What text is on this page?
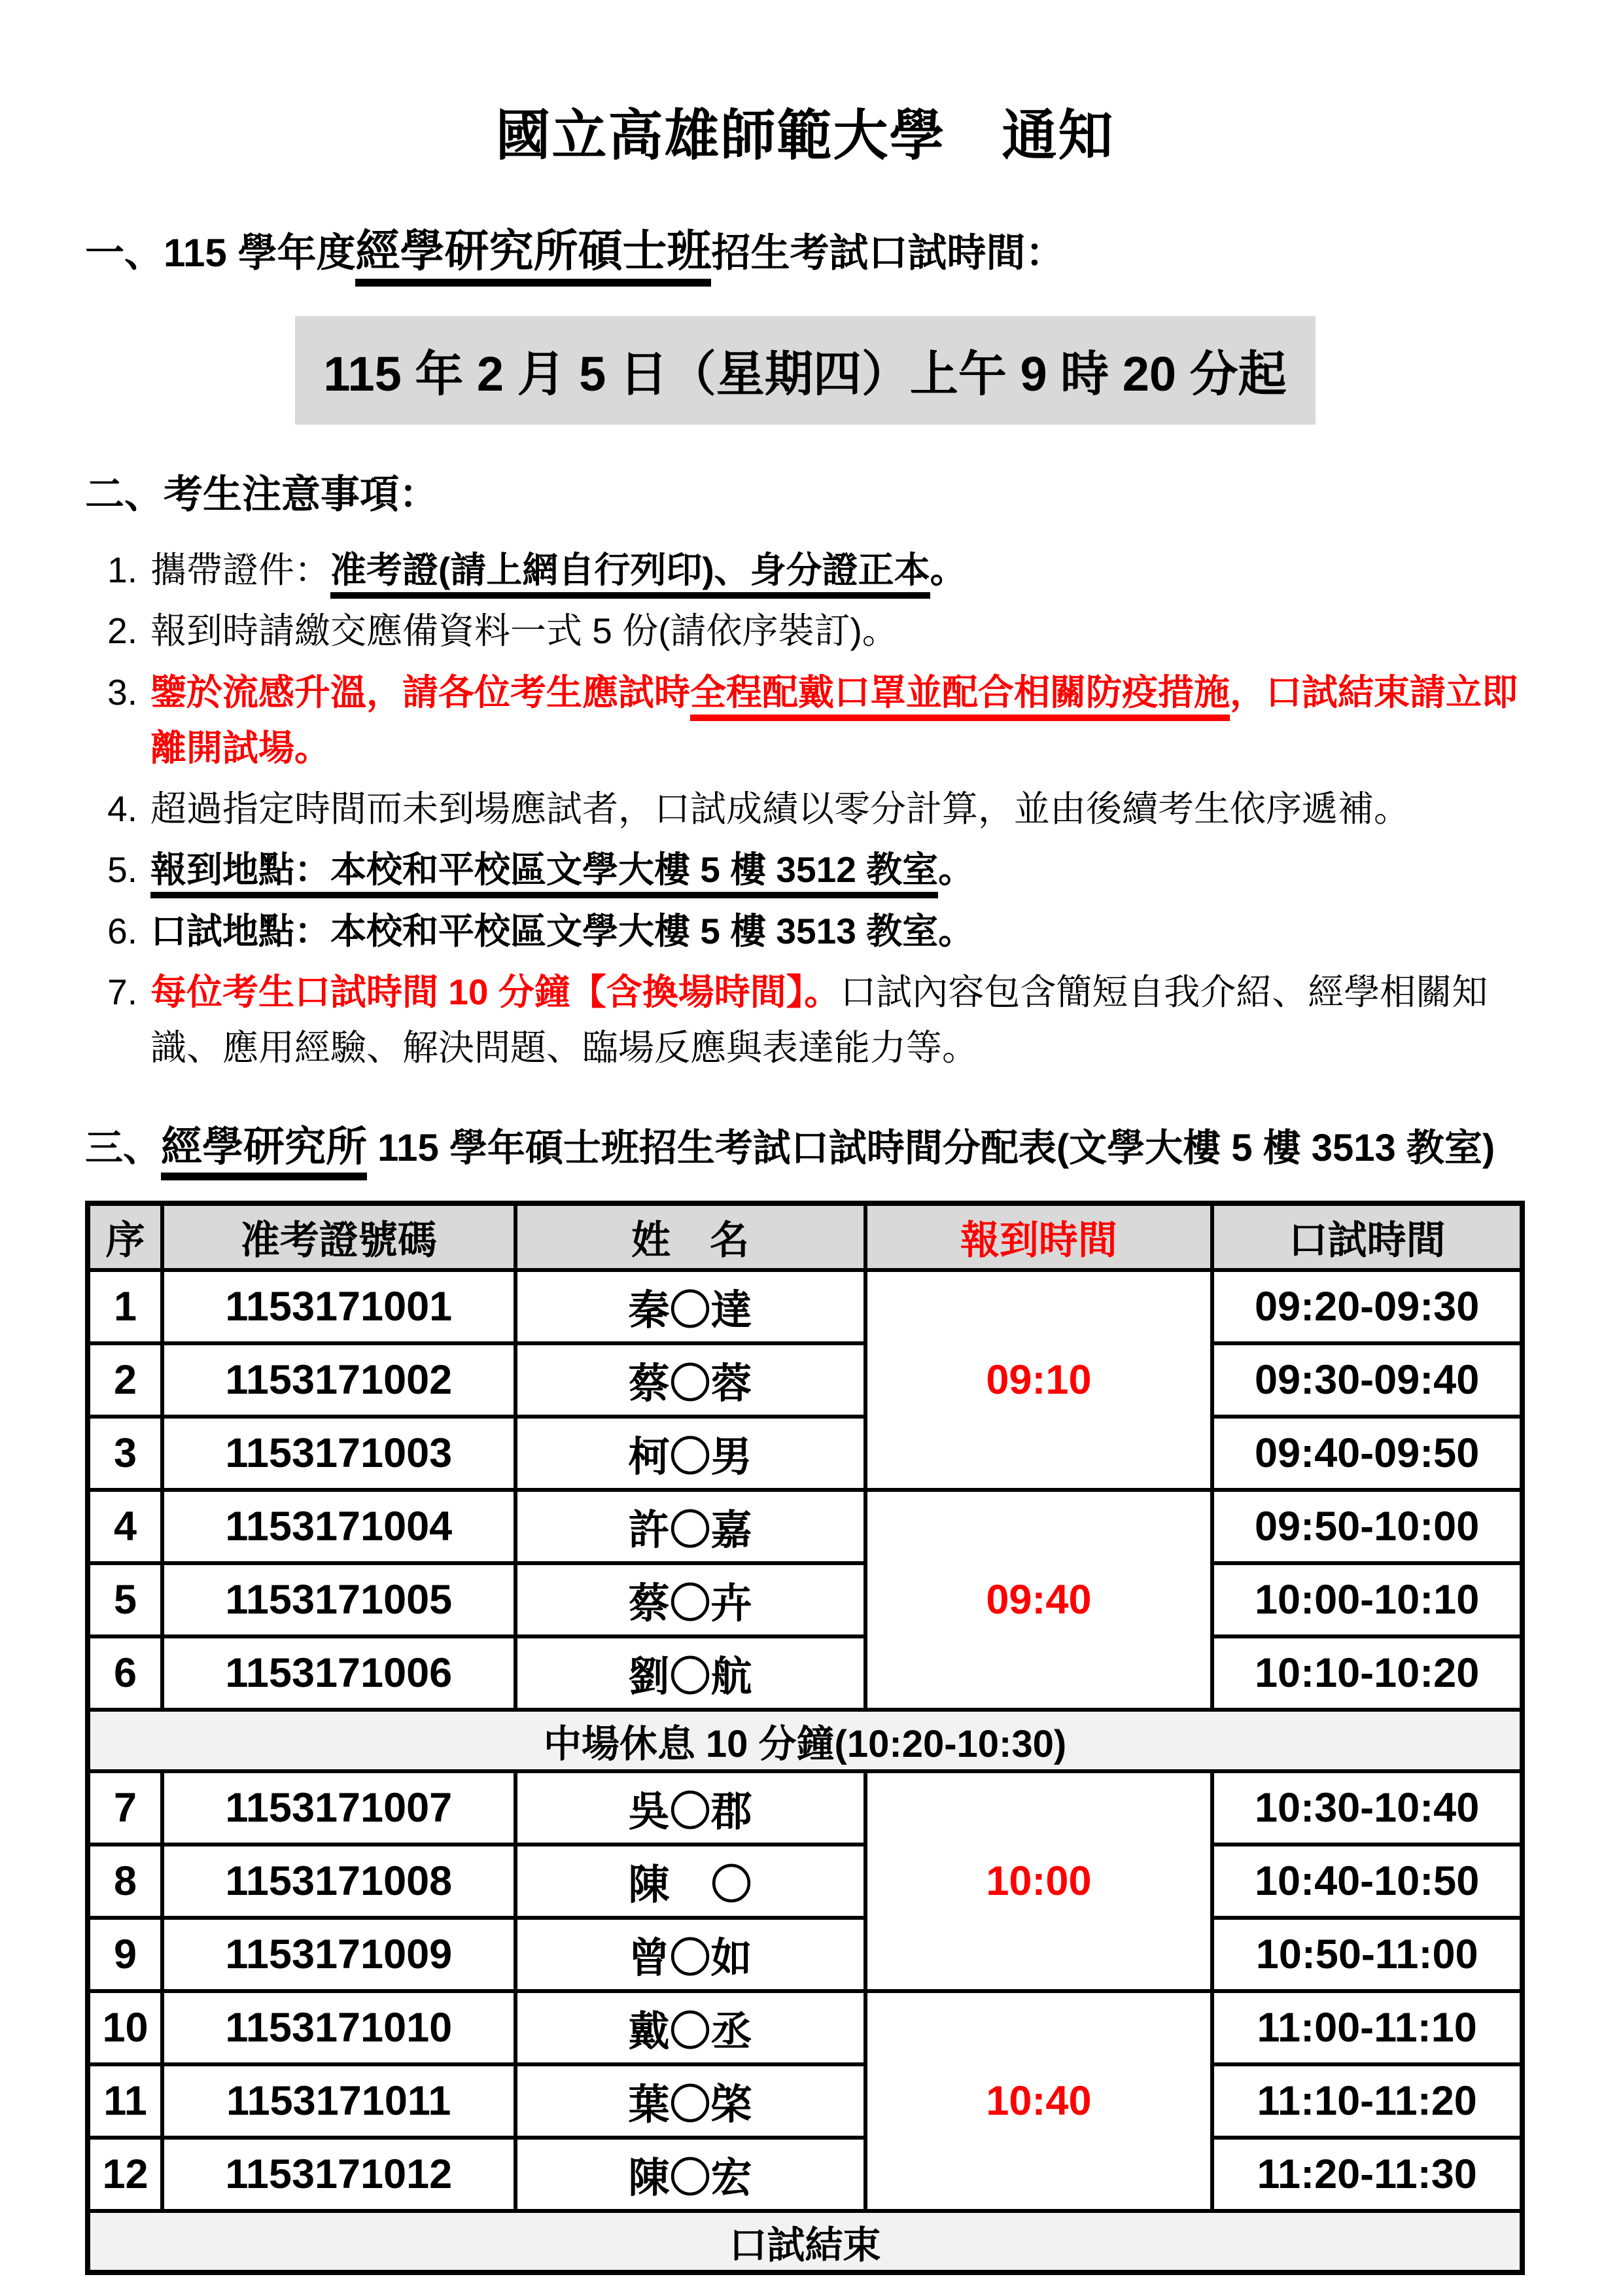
國立高雄師範大學　通知
一、115 學年度經學研究所碩士班招生考試口試時間：
115 年 2 月 5 日（星期四）上午 9 時 20 分起
二、考生注意事項：
1. 攜帶證件：准考證(請上網自行列印)、身分證正本。
2. 報到時請繳交應備資料一式 5 份(請依序裝訂)。
3. 鑒於流感升溫，請各位考生應試時全程配戴口罩並配合相關防疫措施，口試結束請立即離開試場。
4. 超過指定時間而未到場應試者，口試成績以零分計算，並由後續考生依序遞補。
5. 報到地點：本校和平校區文學大樓 5 樓 3512 教室。
6. 口試地點：本校和平校區文學大樓 5 樓 3513 教室。
7. 每位考生口試時間 10 分鐘【含換場時間】。口試內容包含簡短自我介紹、經學相關知識、應用經驗、解決問題、臨場反應與表達能力等。
三、經學研究所 115 學年碩士班招生考試口試時間分配表(文學大樓 5 樓 3513 教室)
序	准考證號碼	姓　名	報到時間	口試時間
1	1153171001	秦〇達	09:10	09:20-09:30
2	1153171002	蔡〇蓉		09:30-09:40
3	1153171003	柯〇男		09:40-09:50
4	1153171004	許〇嘉	09:40	09:50-10:00
5	1153171005	蔡〇卉		10:00-10:10
6	1153171006	劉〇航		10:10-10:20
中場休息 10 分鐘(10:20-10:30)				
7	1153171007	吳〇郡	10:00	10:30-10:40
8	1153171008	陳　〇		10:40-10:50
9	1153171009	曾〇如		10:50-11:00
10	1153171010	戴〇丞	10:40	11:00-11:10
11	1153171011	葉〇棨		11:10-11:20
12	1153171012	陳〇宏		11:20-11:30
口試結束				
